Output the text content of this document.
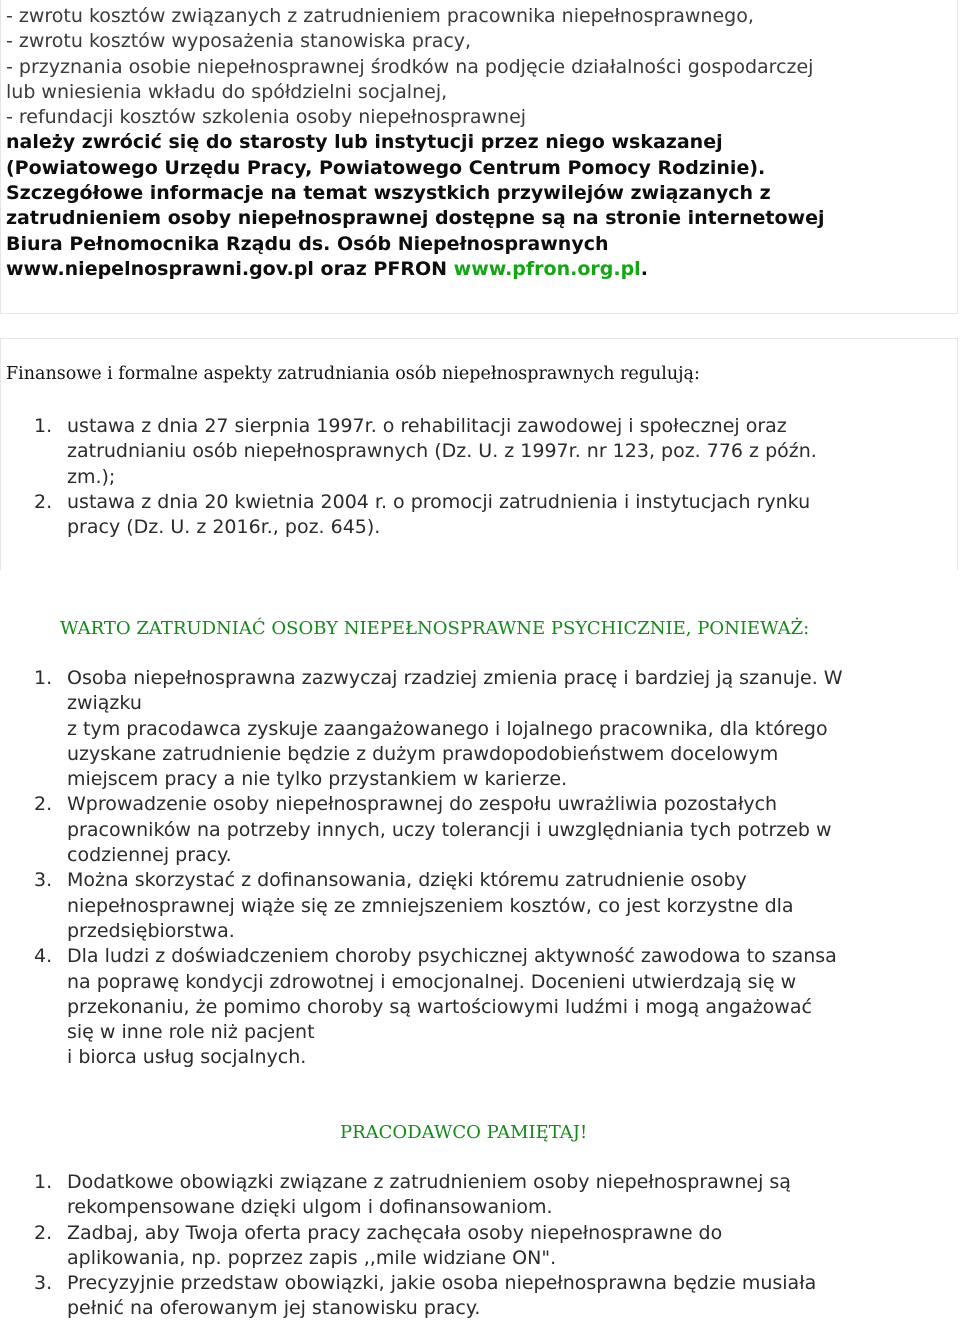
- zwrotu kosztów związanych z zatrudnieniem pracownika niepełnosprawnego,
- zwrotu kosztów wyposażenia stanowiska pracy,
- przyznania osobie niepełnosprawnej środków na podjęcie działalności gospodarczej
lub wniesienia wkładu do spółdzielni socjalnej,
- refundacji kosztów szkolenia osoby niepełnosprawnej
należy zwrócić się do starosty lub instytucji przez niego wskazanej
(Powiatowego Urzędu Pracy, Powiatowego Centrum Pomocy Rodzinie).
Szczegółowe informacje na temat wszystkich przywilejów związanych z
zatrudnieniem osoby niepełnosprawnej dostępne są na stronie internetowej
Biura Pełnomocnika Rządu ds. Osób Niepełnosprawnych
www.niepelnosprawni.gov.pl oraz PFRON www.pfron.org.pl.
Finansowe i formalne aspekty zatrudniania osób niepełnosprawnych regulują:
1. ustawa z dnia 27 sierpnia 1997r. o rehabilitacji zawodowej i społecznej oraz
zatrudnianiu osób niepełnosprawnych (Dz. U. z 1997r. nr 123, poz. 776 z późn.
zm.);
2. ustawa z dnia 20 kwietnia 2004 r. o promocji zatrudnienia i instytucjach rynku
pracy (Dz. U. z 2016r., poz. 645).
WARTO ZATRUDNIAĆ OSOBY NIEPEŁNOSPRAWNE PSYCHICZNIE, PONIEWAŻ:
1. Osoba niepełnosprawna zazwyczaj rzadziej zmienia pracę i bardziej ją szanuje. W
związku
z tym pracodawca zyskuje zaangażowanego i lojalnego pracownika, dla którego
uzyskane zatrudnienie będzie z dużym prawdopodobieństwem docelowym
miejscem pracy a nie tylko przystankiem w karierze.
2. Wprowadzenie osoby niepełnosprawnej do zespołu uwrażliwia pozostałych
pracowników na potrzeby innych, uczy tolerancji i uwzględniania tych potrzeb w
codziennej pracy.
3. Można skorzystać z dofinansowania, dzięki któremu zatrudnienie osoby
niepełnosprawnej wiąże się ze zmniejszeniem kosztów, co jest korzystne dla
przedsiębiorstwa.
4. Dla ludzi z doświadczeniem choroby psychicznej aktywność zawodowa to szansa
na poprawę kondycji zdrowotnej i emocjonalnej. Docenieni utwierdzają się w
przekonaniu, że pomimo choroby są wartościowymi ludźmi i mogą angażować
się w inne role niż pacjent
i biorca usług socjalnych.
PRACODAWCO PAMIĘTAJ!
1. Dodatkowe obowiązki związane z zatrudnieniem osoby niepełnosprawnej są
rekompensowane dzięki ulgom i dofinansowaniom.
2. Zadbaj, aby Twoja oferta pracy zachęcała osoby niepełnosprawne do
aplikowania, np. poprzez zapis ,,mile widziane ON".
3. Precyzyjnie przedstaw obowiązki, jakie osoba niepełnosprawna będzie musiała
pełnić na oferowanym jej stanowisku pracy.
